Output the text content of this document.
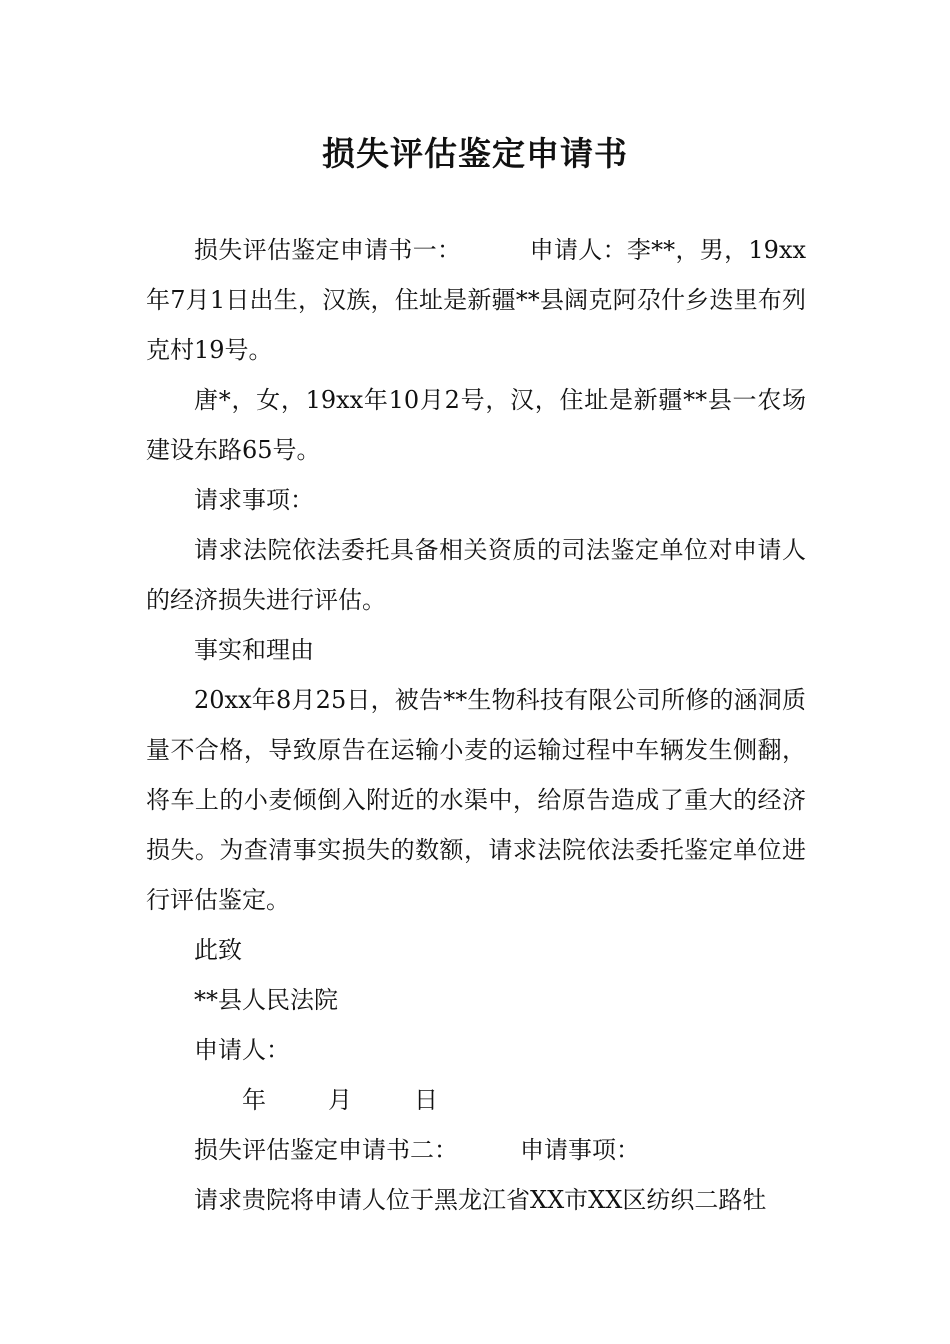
损失评估鉴定申请书

损失评估鉴定申请书一：	申请人：李**，男，19xx年7月1日出生，汉族，住址是新疆**县阔克阿尕什乡迭里布列克村19号。

唐*，女，19xx年10月2号，汉，住址是新疆**县一农场建设东路65号。

请求事项：

请求法院依法委托具备相关资质的司法鉴定单位对申请人的经济损失进行评估。

事实和理由

20xx年8月25日，被告**生物科技有限公司所修的涵洞质量不合格，导致原告在运输小麦的运输过程中车辆发生侧翻，将车上的小麦倾倒入附近的水渠中，给原告造成了重大的经济损失。为查清事实损失的数额，请求法院依法委托鉴定单位进行评估鉴定。

此致

**县人民法院

申请人：

年	月	日

损失评估鉴定申请书二：	申请事项：

请求贵院将申请人位于黑龙江省XX市XX区纺织二路牡
